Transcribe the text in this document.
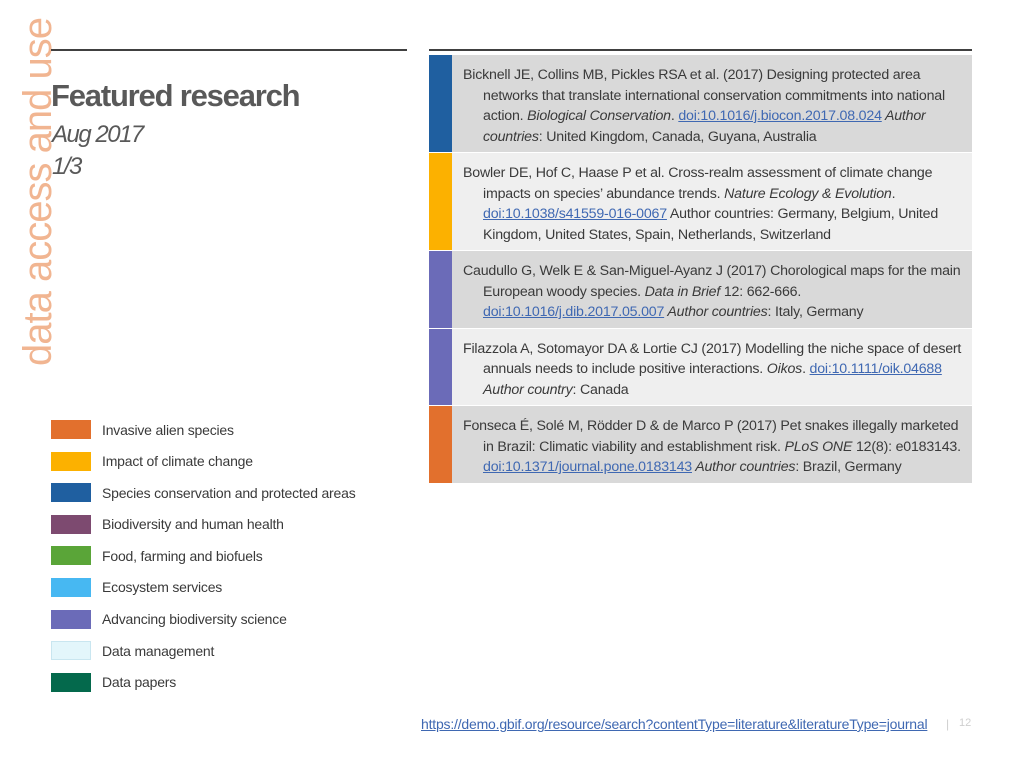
data access and use
Featured research
Aug 2017
1/3
Bicknell JE, Collins MB, Pickles RSA et al. (2017) Designing protected area networks that translate international conservation commitments into national action. Biological Conservation. doi:10.1016/j.biocon.2017.08.024 Author countries: United Kingdom, Canada, Guyana, Australia
Bowler DE, Hof C, Haase P et al. Cross-realm assessment of climate change impacts on species’ abundance trends. Nature Ecology & Evolution. doi:10.1038/s41559-016-0067 Author countries: Germany, Belgium, United Kingdom, United States, Spain, Netherlands, Switzerland
Caudullo G, Welk E & San-Miguel-Ayanz J (2017) Chorological maps for the main European woody species. Data in Brief 12: 662-666. doi:10.1016/j.dib.2017.05.007 Author countries: Italy, Germany
Filazzola A, Sotomayor DA & Lortie CJ (2017) Modelling the niche space of desert annuals needs to include positive interactions. Oikos. doi:10.1111/oik.04688 Author country: Canada
Fonseca É, Solé M, Rödder D & de Marco P (2017) Pet snakes illegally marketed in Brazil: Climatic viability and establishment risk. PLoS ONE 12(8): e0183143. doi:10.1371/journal.pone.0183143 Author countries: Brazil, Germany
Invasive alien species
Impact of climate change
Species conservation and protected areas
Biodiversity and human health
Food, farming and biofuels
Ecosystem services
Advancing biodiversity science
Data management
Data papers
https://demo.gbif.org/resource/search?contentType=literature&literatureType=journal | 12
